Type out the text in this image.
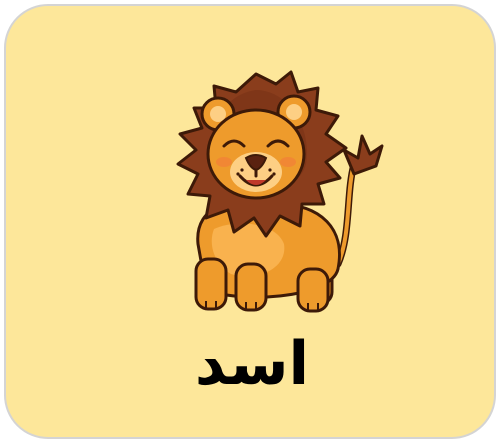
اسد
